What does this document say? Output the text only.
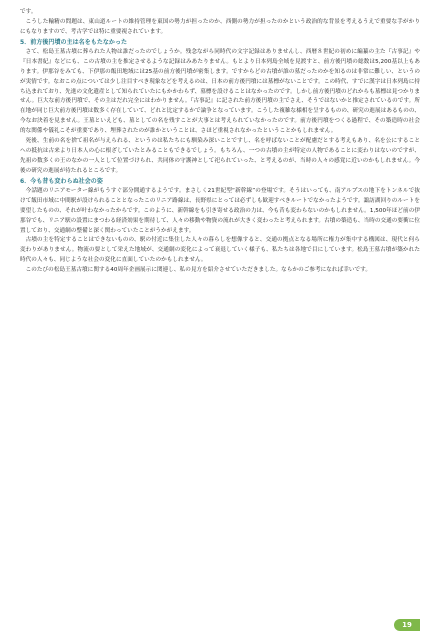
です。

こうした輸精の問題は、東山道ルートの維持管理を東国の勢力が担ったのか、西側の勢力が担ったのかという政治的な背景を考えるうえで重要な手がかりにもなりますので、考古学では特に重要視されています。

5．前方後円墳の主は名をもたなかった

さて、松島王墓古墳に葬られた人物は誰だったのでしょうか。残念ながら同時代の文字記録はありませんし、西暦８世紀の初めに編纂の主た『古事記』や『日本書紀』などにも、この古墳の主を推定させるような記録はみあたりません。もとより日本列島全域を見渡すと、前方後円墳の総数は5,200基以上もあります。伊那谷をみても、下伊那の飯田地域には25基の前方後円墳が密集します。ですからどの古墳が誰の墓だったのかを知るのは非常に難しい、というのが実情です。なおこの点については少し注目すべき現象などを考えるのは、日本の前方後円墳には墓標がないことです。この時代、すでに漢字は日本列島に持ち込まれており、先進の文化遺産として知られていたにもかかわらず、墓標を設けることはなかったのです。しかし前方後円墳のどれからも墓標は見つかりません。巨大な前方後円墳で、その主はだれ完全にはわかりません。『古事記』に記された前方後円墳の主でさえ、そうではないかと推定されているのです。所在地が同じ巨大前方後円墳は数多く存在していて、どれと比定するかで論争となっています。こうした複雑な様相を呈するものの、研究の進展はあるものの、今なお決着を見ません。王墓といえども、墓としての名を残すことが大事とは考えられていなかったのです。前方後円墳をつくる過程で、その築造時の社会的な関係や儀礼こそが重要であり、埋葬されたのが誰かということは、さほど重視されなかったということかもしれません。

死後、生前の名を捨て祖名が与えられる、というのは私たちにも馴染み深いことですし、名を呼ばないことが配慮だとする考えもあり、名を公にすることへの抵抗は古来より日本人の心に根ざしていたとみることもできるでしょう。もちろん、一つの古墳の主が特定の人物であることに変わりはないのですが、先祖の数多くの王のなかの一人として位置づけられ、共同体の守護神として祀られていった、と考えるのが、当時の人々の感覚に近いのかもしれません。今後の研究の進展が待たれるところです。

6．今も昔も変わらぬ社会の姿

今話題のリニアモーター線がもうすぐ部分開通するようです。まさしく21世紀型“新幹線”の登場です。そうはいっても、南アルプスの地下をトンネルで抜けて飯田市域に中間駅が設けられることとなったこのリニア路線は、長野県にとっては必ずしも歓迎すべきルートでなかったようです。諏訪湖回りのルートを要望したものの、それが叶わなかったからです。このように、新幹線をも引き寄せる政治の力は、今も昔も変わらないのかもしれません。1,500年ほど前の伊那谷でも、リニア駅の設置にまつわる経済効果を期待して、人々の移動や物資の流れが大きく変わったと考えられます。古墳の築造も、当時の交通の要衝に位置しており、交通網の整備と深く関わっていたことがうかがえます。

古墳の主を特定することはできないものの、駅の付近に集住した人々の暮らしを想像すると、交通の拠点となる場所に権力が集中する構図は、現代と何ら変わりがありません。物流の要として栄えた地域が、交通網の変化によって衰退していく様子も、私たちは各地で目にしています。松島王墓古墳が築かれた時代の人々も、同じような社会の変化に直面していたのかもしれません。

このたびの松島王墓古墳に関する40周年企画展示に関連し、私の見方を紹介させていただきました。ならかのご参考になれば幸いです。

19
